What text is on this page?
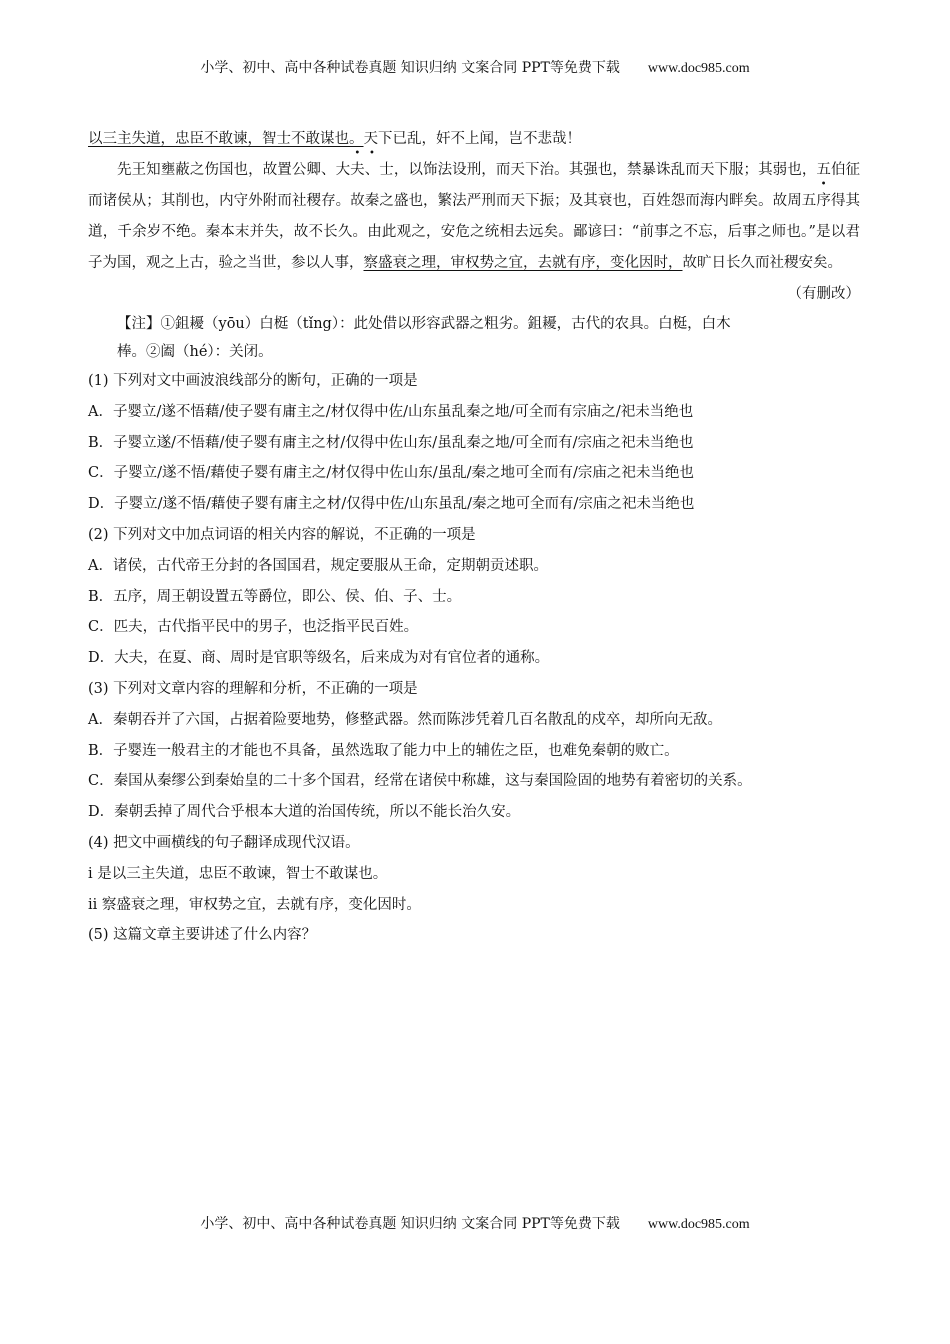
小学、初中、高中各种试卷真题 知识归纳 文案合同 PPT等免费下载 www.doc985.com

以三主失道，忠臣不敢谏，智士不敢谋也。天下已乱，奸不上闻，岂不悲哉！

先王知壅蔽之伤国也，故置公卿、大夫、士，以饰法设刑，而天下治。其强也，禁暴诛乱而天下服；其弱也，五伯征而诸侯从；其削也，内守外附而社稷存。故秦之盛也，繁法严刑而天下振；及其衰也，百姓怨而海内畔矣。故周五序得其道，千余岁不绝。秦本末并失，故不长久。由此观之，安危之统相去远矣。鄙谚曰：“前事之不忘，后事之师也。”是以君子为国，观之上古，验之当世，参以人事，察盛衰之理，审权势之宜，去就有序，变化因时，故旷日长久而社稷安矣。

（有删改）

【注】①鉏耰（yōu）白梃（tǐng）：此处借以形容武器之粗劣。鉏耰，古代的农具。白梃，白木
棒。②阖（hé）：关闭。

(1) 下列对文中画波浪线部分的断句，正确的一项是

A．子婴立/遂不悟藉/使子婴有庸主之/材仅得中佐/山东虽乱秦之地/可全而有宗庙之/祀未当绝也

B．子婴立遂/不悟藉/使子婴有庸主之材/仅得中佐山东/虽乱秦之地/可全而有/宗庙之祀未当绝也

C．子婴立/遂不悟/藉使子婴有庸主之/材仅得中佐山东/虽乱/秦之地可全而有/宗庙之祀未当绝也

D．子婴立/遂不悟/藉使子婴有庸主之材/仅得中佐/山东虽乱/秦之地可全而有/宗庙之祀未当绝也

(2) 下列对文中加点词语的相关内容的解说，不正确的一项是

A．诸侯，古代帝王分封的各国国君，规定要服从王命，定期朝贡述职。

B．五序，周王朝设置五等爵位，即公、侯、伯、子、士。

C．匹夫，古代指平民中的男子，也泛指平民百姓。

D．大夫，在夏、商、周时是官职等级名，后来成为对有官位者的通称。

(3) 下列对文章内容的理解和分析，不正确的一项是

A．秦朝吞并了六国，占据着险要地势，修整武器。然而陈涉凭着几百名散乱的戍卒，却所向无敌。

B．子婴连一般君主的才能也不具备，虽然选取了能力中上的辅佐之臣，也难免秦朝的败亡。

C．秦国从秦缪公到秦始皇的二十多个国君，经常在诸侯中称雄，这与秦国险固的地势有着密切的关系。

D．秦朝丢掉了周代合乎根本大道的治国传统，所以不能长治久安。

(4) 把文中画横线的句子翻译成现代汉语。

i 是以三主失道，忠臣不敢谏，智士不敢谋也。

ii 察盛衰之理，审权势之宜，去就有序，变化因时。

(5) 这篇文章主要讲述了什么内容？

小学、初中、高中各种试卷真题 知识归纳 文案合同 PPT等免费下载 www.doc985.com
